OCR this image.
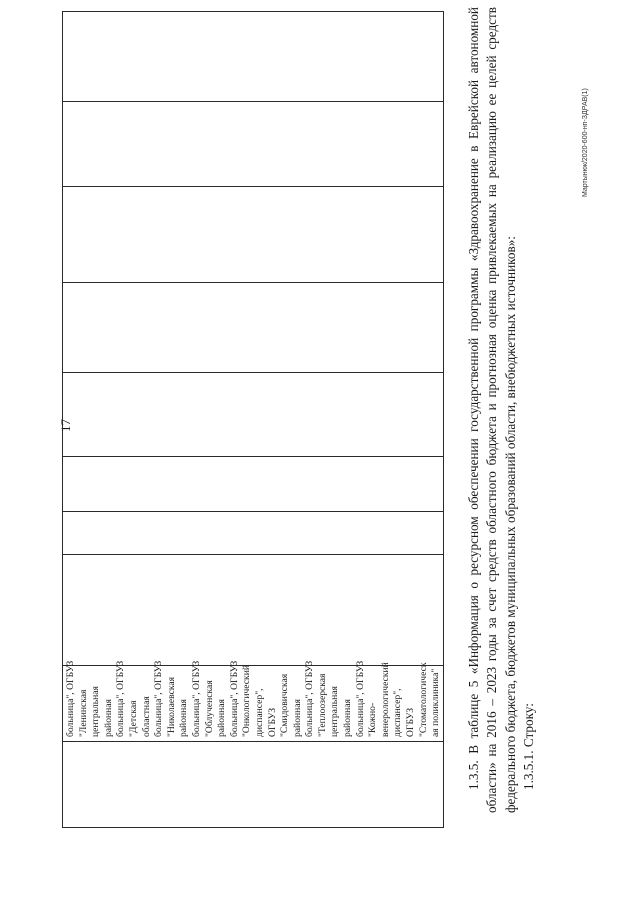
17

больница", ОГБУЗ "Ленинская центральная районная больница", ОГБУЗ "Детская областная больница", ОГБУЗ "Николаевская районная больница", ОГБУЗ "Облученская районная больница", ОГБУЗ "Онкологический диспансер", ОГБУЗ "Смидовичская районная больница", ОГБУЗ "Теплоозерская центральная районная больница", ОГБУЗ "Кожно- венерологический диспансер", ОГБУЗ "Стоматологическ ая поликлиника"
								1.3.5. В таблице 5 «Информация о ресурсном обеспечении государственной программы «Здравоохранение в Еврейской автономной области» на 2016 – 2023 годы за счет средств областного бюджета и прогнозная оценка привлекаемых на реализацию ее целей средств федерального бюджета, бюджетов муниципальных образований области, внебюджетных источников»: 1.3.5.1. Строку:

Мартынюк/2020-600-нп-ЗДРАВ(1)
